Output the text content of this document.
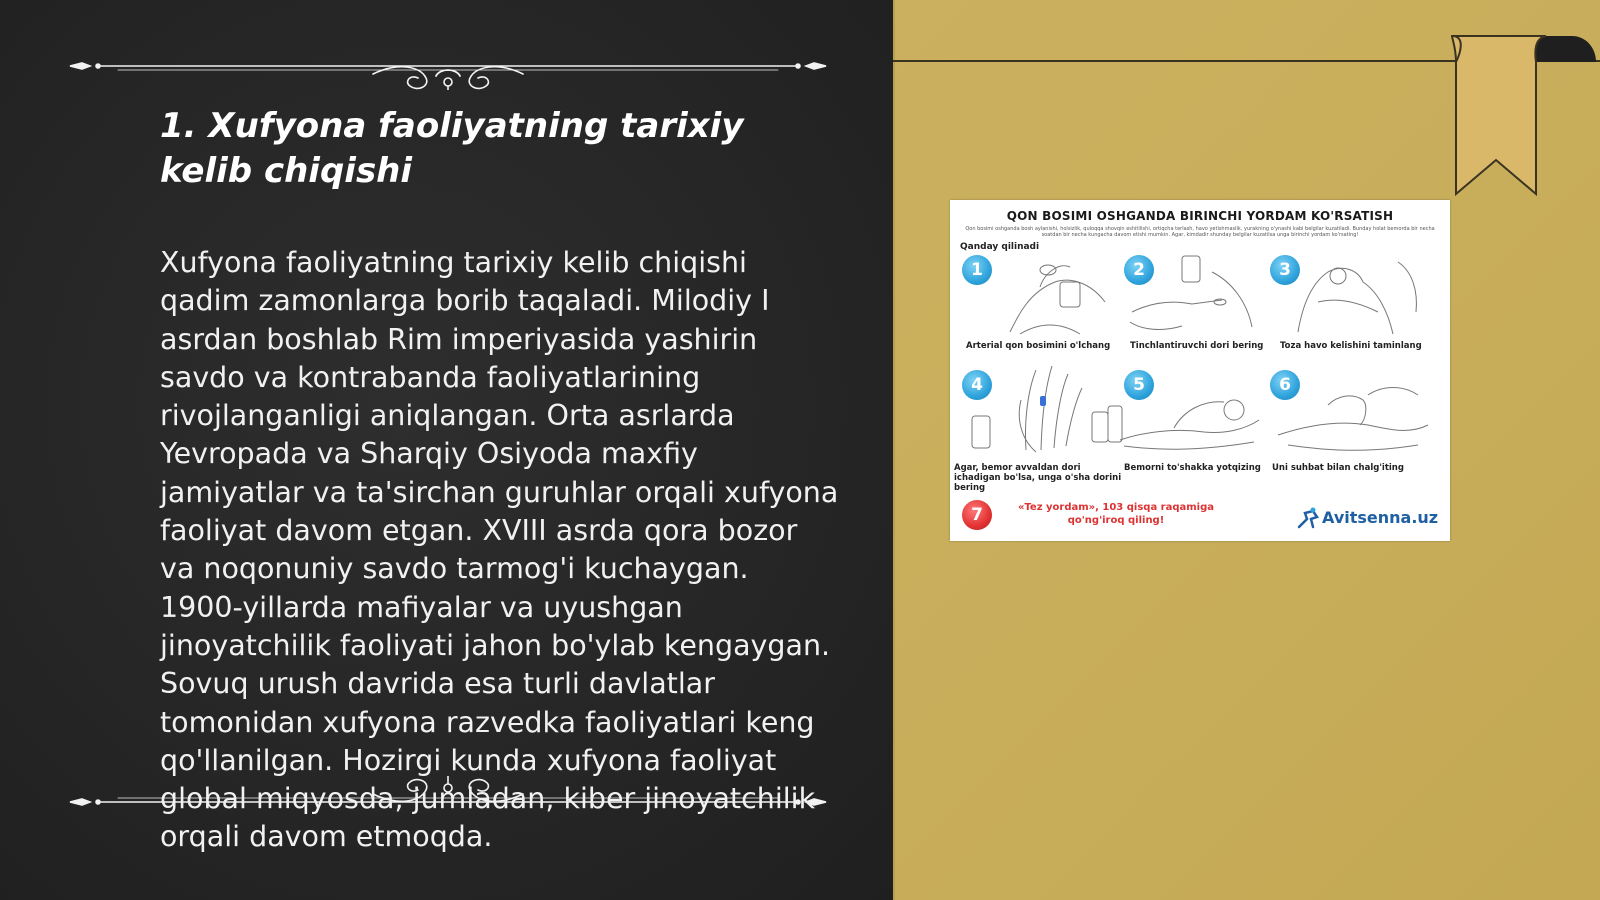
1. Xufyona faoliyatning tarixiy kelib chiqishi

Xufyona faoliyatning tarixiy kelib chiqishi qadim zamonlarga borib taqaladi. Milodiy I asrdan boshlab Rim imperiyasida yashirin savdo va kontrabanda faoliyatlarining rivojlanganligi aniqlangan. Orta asrlarda Yevropada va Sharqiy Osiyoda maxfiy jamiyatlar va ta'sirchan guruhlar orqali xufyona faoliyat davom etgan. XVIII asrda qora bozor va noqonuniy savdo tarmog'i kuchaygan. 1900-yillarda mafiyalar va uyushgan jinoyatchilik faoliyati jahon bo'ylab kengaygan. Sovuq urush davrida esa turli davlatlar tomonidan xufyona razvedka faoliyatlari keng qo'llanilgan. Hozirgi kunda xufyona faoliyat global miqyosda, jumladan, kiber jinoyatchilik orqali davom etmoqda.

QON BOSIMI OSHGANDA BIRINCHI YORDAM KO'RSATISH
Qon bosimi oshganda bosh aylanishi, holsizlik, quloqqa shovqin eshitilishi, ortiqcha terlash, havo yetishmaslik, yurakning o'ynashi kabi belgilar kuzatiladi. Bunday holat bemorda bir necha soatdan bir necha kungacha davom etishi mumkin. Agar, kimdadir shunday belgilar kuzatilsa unga birinchi yordam ko'rsating!
Qanday qilinadi
1
Arterial qon bosimini o'lchang
2
Tinchlantiruvchi dori bering
3
Toza havo kelishini taminlang
4
Agar, bemor avvaldan dori ichadigan bo'lsa, unga o'sha dorini bering
5
Bemorni to'shakka yotqizing
6
Uni suhbat bilan chalg'iting
7	«Tez yordam», 103 qisqa raqamiga qo'ng'iroq qiling!	Avitsenna.uz
